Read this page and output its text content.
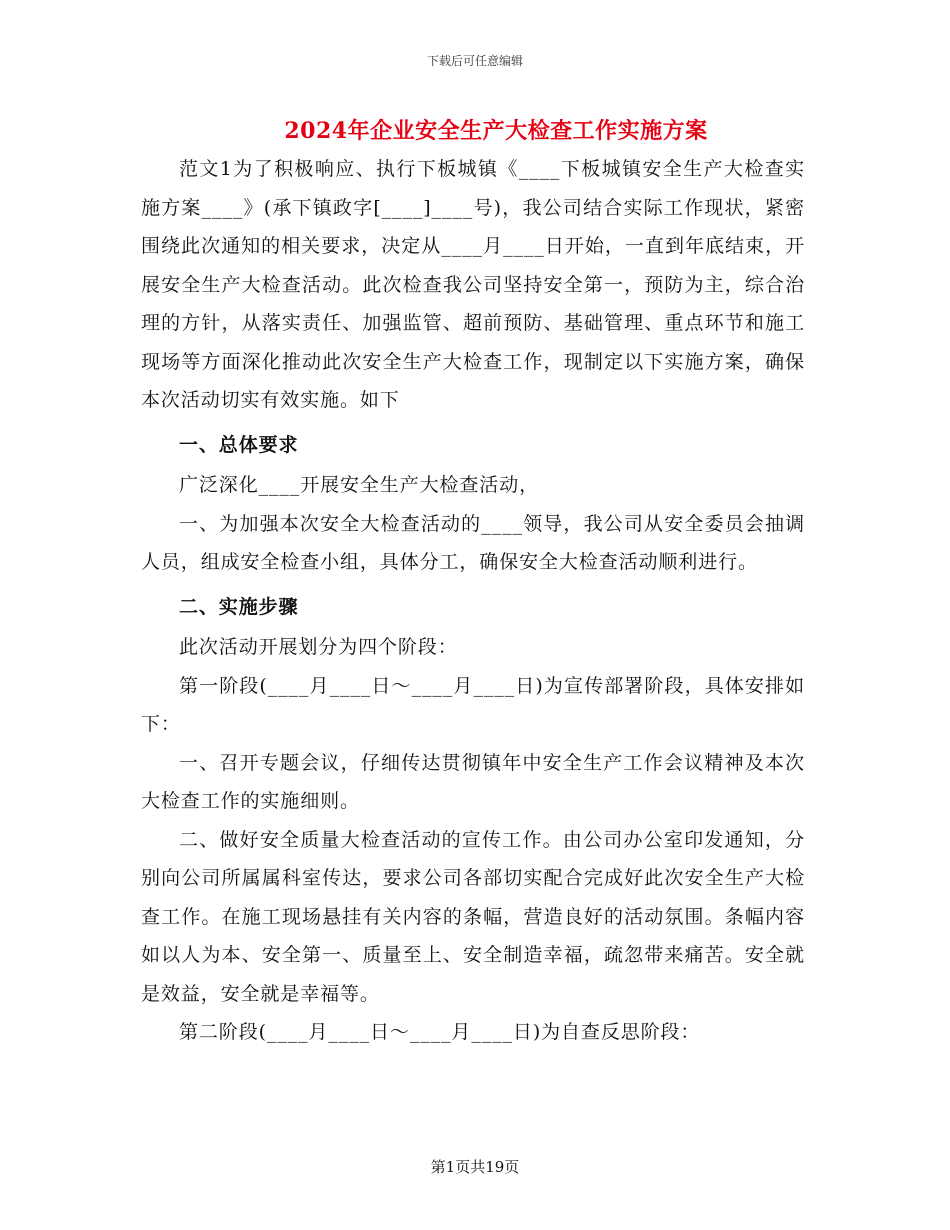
下载后可任意编辑
2024年企业安全生产大检查工作实施方案

范文1为了积极响应、执行下板城镇《____下板城镇安全生产大检查实施方案____》(承下镇政字[____]____号)，我公司结合实际工作现状，紧密围绕此次通知的相关要求，决定从____月____日开始，一直到年底结束，开展安全生产大检查活动。此次检查我公司坚持安全第一，预防为主，综合治理的方针，从落实责任、加强监管、超前预防、基础管理、重点环节和施工现场等方面深化推动此次安全生产大检查工作，现制定以下实施方案，确保本次活动切实有效实施。如下

一、总体要求

广泛深化____开展安全生产大检查活动，

一、为加强本次安全大检查活动的____领导，我公司从安全委员会抽调人员，组成安全检查小组，具体分工，确保安全大检查活动顺利进行。

二、实施步骤

此次活动开展划分为四个阶段：

第一阶段(____月____日～____月____日)为宣传部署阶段，具体安排如下：

一、召开专题会议，仔细传达贯彻镇年中安全生产工作会议精神及本次大检查工作的实施细则。

二、做好安全质量大检查活动的宣传工作。由公司办公室印发通知，分别向公司所属属科室传达，要求公司各部切实配合完成好此次安全生产大检查工作。在施工现场悬挂有关内容的条幅，营造良好的活动氛围。条幅内容如以人为本、安全第一、质量至上、安全制造幸福，疏忽带来痛苦。安全就是效益，安全就是幸福等。

第二阶段(____月____日～____月____日)为自查反思阶段：

第1页共19页
